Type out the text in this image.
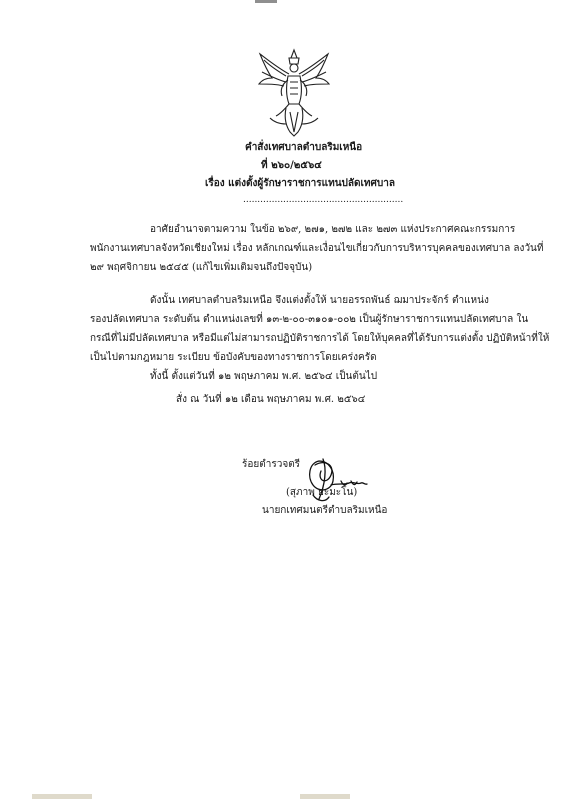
คำสั่งเทศบาลตำบลริมเหนือ
ที่ ๒๖๐/๒๕๖๔
เรื่อง แต่งตั้งผู้รักษาราชการแทนปลัดเทศบาล
........................................................
อาศัยอำนาจตามความ ในข้อ ๒๖๙, ๒๗๑, ๒๗๒ และ ๒๗๓ แห่งประกาศคณะกรรมการ
พนักงานเทศบาลจังหวัดเชียงใหม่ เรื่อง หลักเกณฑ์และเงื่อนไขเกี่ยวกับการบริหารบุคคลของเทศบาล ลงวันที่
๒๙ พฤศจิกายน ๒๕๔๕ (แก้ไขเพิ่มเติมจนถึงปัจจุบัน)
ดังนั้น เทศบาลตำบลริมเหนือ จึงแต่งตั้งให้ นายอรรถพันธ์ ฌมาประจักร์ ตำแหน่ง
รองปลัดเทศบาล ระดับต้น ตำแหน่งเลขที่ ๑๓-๒-๐๐-๓๑๐๑-๐๐๒ เป็นผู้รักษาราชการแทนปลัดเทศบาล ใน
กรณีที่ไม่มีปลัดเทศบาล หรือมีแต่ไม่สามารถปฏิบัติราชการได้ โดยให้บุคคลที่ได้รับการแต่งตั้ง ปฏิบัติหน้าที่ให้
เป็นไปตามกฎหมาย ระเบียบ ข้อบังคับของทางราชการโดยเคร่งครัด
ทั้งนี้ ตั้งแต่วันที่ ๑๒ พฤษภาคม พ.ศ. ๒๕๖๔ เป็นต้นไป
สั่ง ณ วันที่ ๑๒ เดือน พฤษภาคม พ.ศ. ๒๕๖๔
ร้อยตำรวจตรี
(สุภาพ ยะมะโน)
นายกเทศมนตรีตำบลริมเหนือ
